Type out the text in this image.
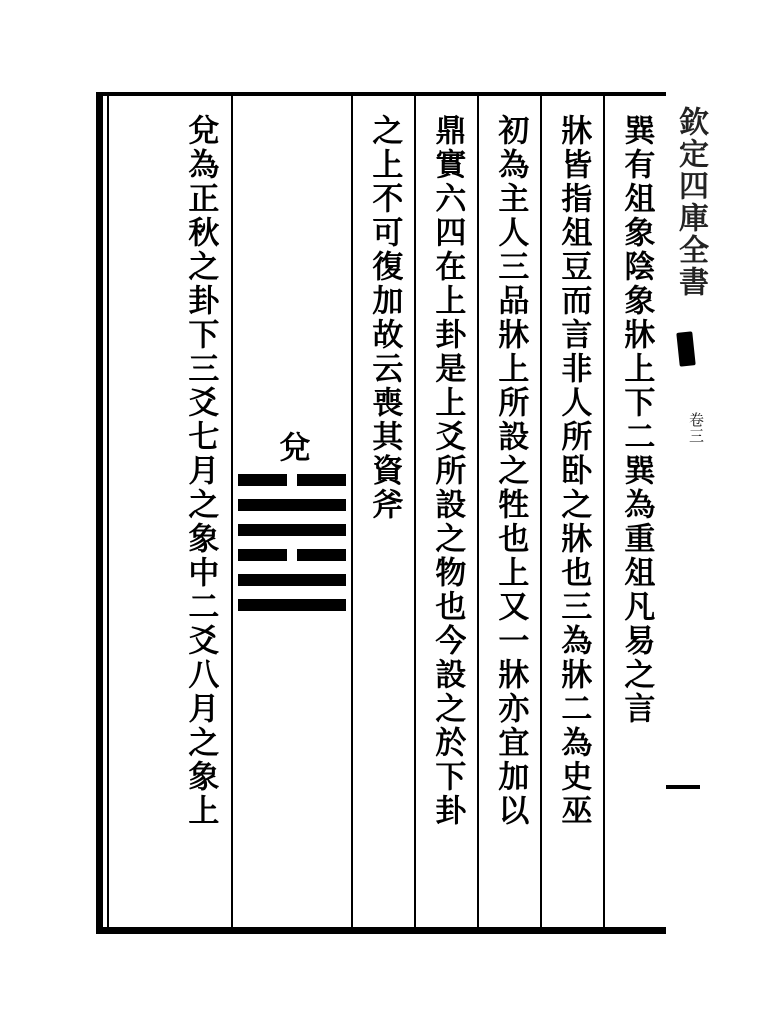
巽有俎象陰象牀上下二巽為重俎凡易之言
牀皆指俎豆而言非人所卧之牀也三為牀二為史巫
初為主人三品牀上所設之牲也上又一牀亦宜加以
鼎實六四在上卦是上爻所設之物也今設之於下卦
之上不可復加故云喪其資斧
兌
兌為正秋之卦下三爻七月之象中二爻八月之象上	欽定四庫全書
卷三
